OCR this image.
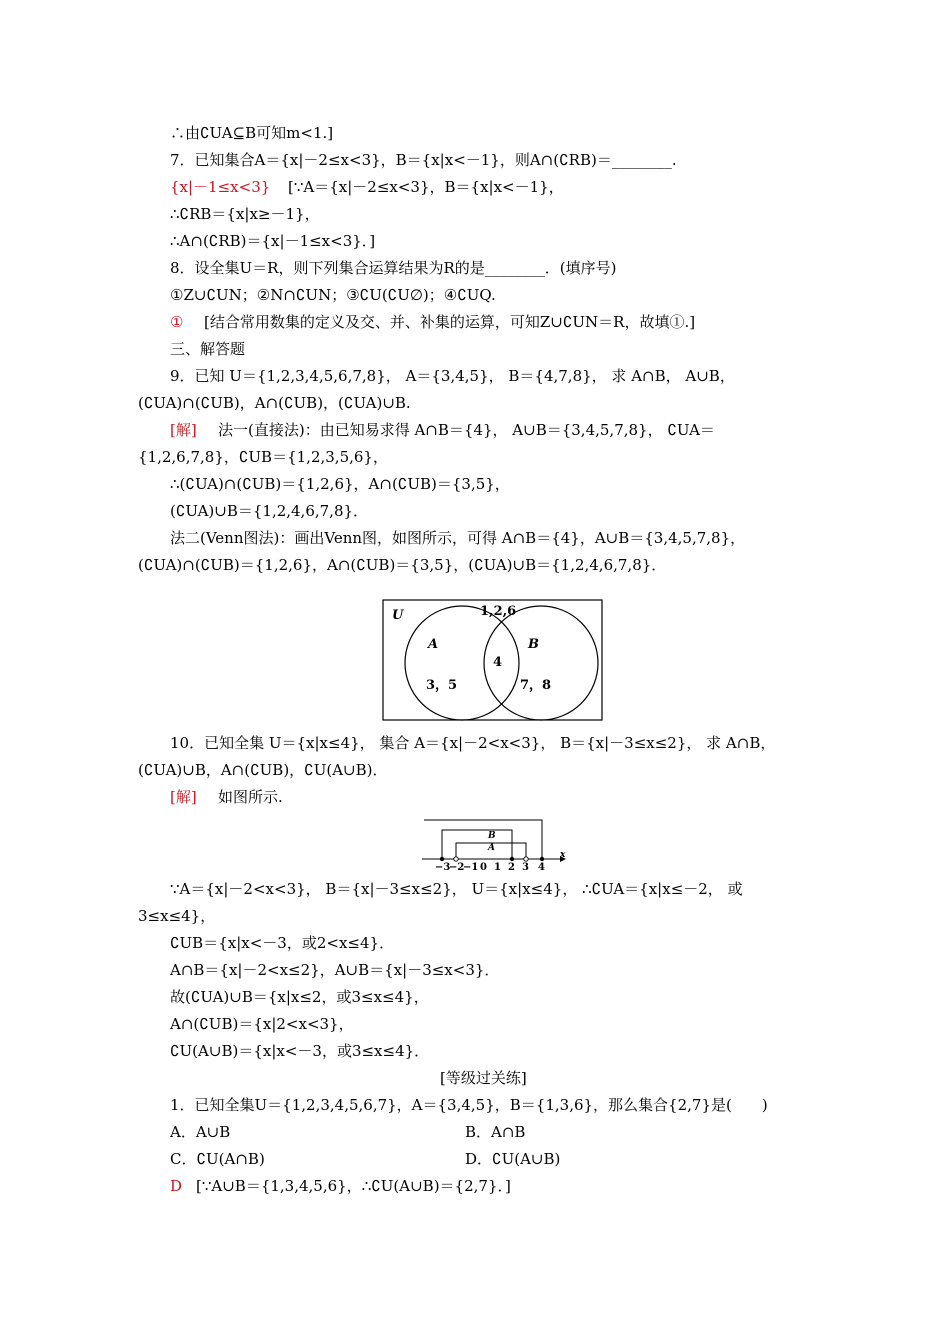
∴由∁UA⊆B可知m<1.]
7．已知集合A＝{x|－2≤x<3}，B＝{x|x<－1}，则A∩(∁RB)＝________.
{x|－1≤x<3} [∵A＝{x|－2≤x<3}，B＝{x|x<－1}，
∴∁RB＝{x|x≥－1}，
∴A∩(∁RB)＝{x|－1≤x<3}．]
8．设全集U＝R，则下列集合运算结果为R的是________．(填序号)
①Z∪∁UN；②N∩∁UN；③∁U(∁U∅)；④∁UQ.
① [结合常用数集的定义及交、并、补集的运算，可知Z∪∁UN＝R，故填①.]
三、解答题
9．已知 U＝{1,2,3,4,5,6,7,8}， A＝{3,4,5}， B＝{4,7,8}， 求 A∩B， A∪B，
(∁UA)∩(∁UB)，A∩(∁UB)，(∁UA)∪B.
[解] 法一(直接法)：由已知易求得 A∩B＝{4}， A∪B＝{3,4,5,7,8}， ∁UA＝
{1,2,6,7,8}，∁UB＝{1,2,3,5,6}，
∴(∁UA)∩(∁UB)＝{1,2,6}，A∩(∁UB)＝{3,5}，
(∁UA)∪B＝{1,2,4,6,7,8}．
法二(Venn图法)：画出Venn图，如图所示，可得 A∩B＝{4}，A∪B＝{3,4,5,7,8}，
(∁UA)∩(∁UB)＝{1,2,6}，A∩(∁UB)＝{3,5}，(∁UA)∪B＝{1,2,4,6,7,8}．
10．已知全集 U＝{x|x≤4}， 集合 A＝{x|－2<x<3}， B＝{x|－3≤x≤2}， 求 A∩B，
(∁UA)∪B，A∩(∁UB)，∁U(A∪B)．
[解] 如图所示.
∵A＝{x|－2<x<3}， B＝{x|－3≤x≤2}， U＝{x|x≤4}， ∴∁UA＝{x|x≤－2， 或
3≤x≤4}，
∁UB＝{x|x<－3，或2<x≤4}．
A∩B＝{x|－2<x≤2}，A∪B＝{x|－3≤x<3}．
故(∁UA)∪B＝{x|x≤2，或3≤x≤4}，
A∩(∁UB)＝{x|2<x<3}，
∁U(A∪B)＝{x|x<－3，或3≤x≤4}．
[等级过关练]
1．已知全集U＝{1,2,3,4,5,6,7}，A＝{3,4,5}，B＝{1,3,6}，那么集合{2,7}是(　　)
A．A∪B	B．A∩B
C．∁U(A∩B)	D．∁U(A∪B)
D [∵A∪B＝{1,3,4,5,6}，∴∁U(A∪B)＝{2,7}．]
U	1,2,6
A
3，5
4
B
7，8
B
A
x
−3
−2
−1 0 1 2 3 4
